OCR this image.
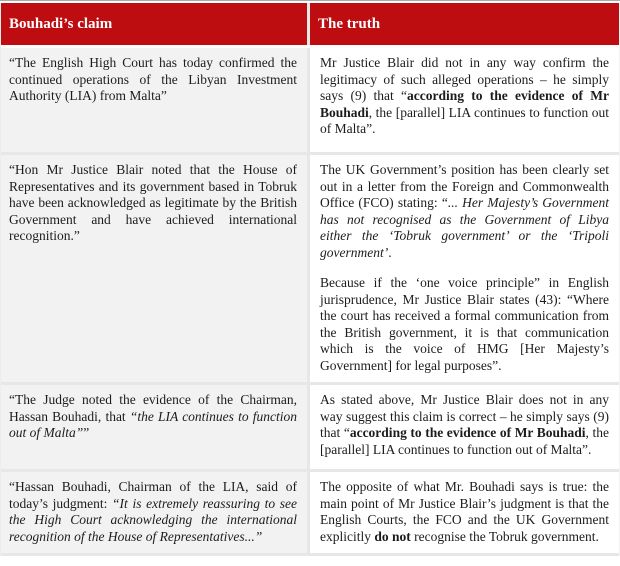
Bouhadi’s claim	The truth

“The English High Court has today confirmed the continued operations of the Libyan Investment Authority (LIA) from Malta”

Mr Justice Blair did not in any way confirm the legitimacy of such alleged operations – he simply says (9) that “according to the evidence of Mr Bouhadi, the [parallel] LIA continues to function out of Malta”.

“Hon Mr Justice Blair noted that the House of Representatives and its government based in Tobruk have been acknowledged as legitimate by the British Government and have achieved international recognition.”

The UK Government’s position has been clearly set out in a letter from the Foreign and Commonwealth Office (FCO) stating: “... Her Majesty’s Government has not recognised as the Government of Libya either the ‘Tobruk government’ or the ‘Tripoli government’.

Because if the ‘one voice principle” in English jurisprudence, Mr Justice Blair states (43): “Where the court has received a formal communication from the British government, it is that communication which is the voice of HMG [Her Majesty’s Government] for legal purposes”.

“The Judge noted the evidence of the Chairman, Hassan Bouhadi, that “the LIA continues to function out of Malta””

As stated above, Mr Justice Blair does not in any way suggest this claim is correct – he simply says (9) that “according to the evidence of Mr Bouhadi, the [parallel] LIA continues to function out of Malta”.

“Hassan Bouhadi, Chairman of the LIA, said of today’s judgment: “It is extremely reassuring to see the High Court acknowledging the international recognition of the House of Representatives...”

The opposite of what Mr. Bouhadi says is true: the main point of Mr Justice Blair’s judgment is that the English Courts, the FCO and the UK Government explicitly do not recognise the Tobruk government.
